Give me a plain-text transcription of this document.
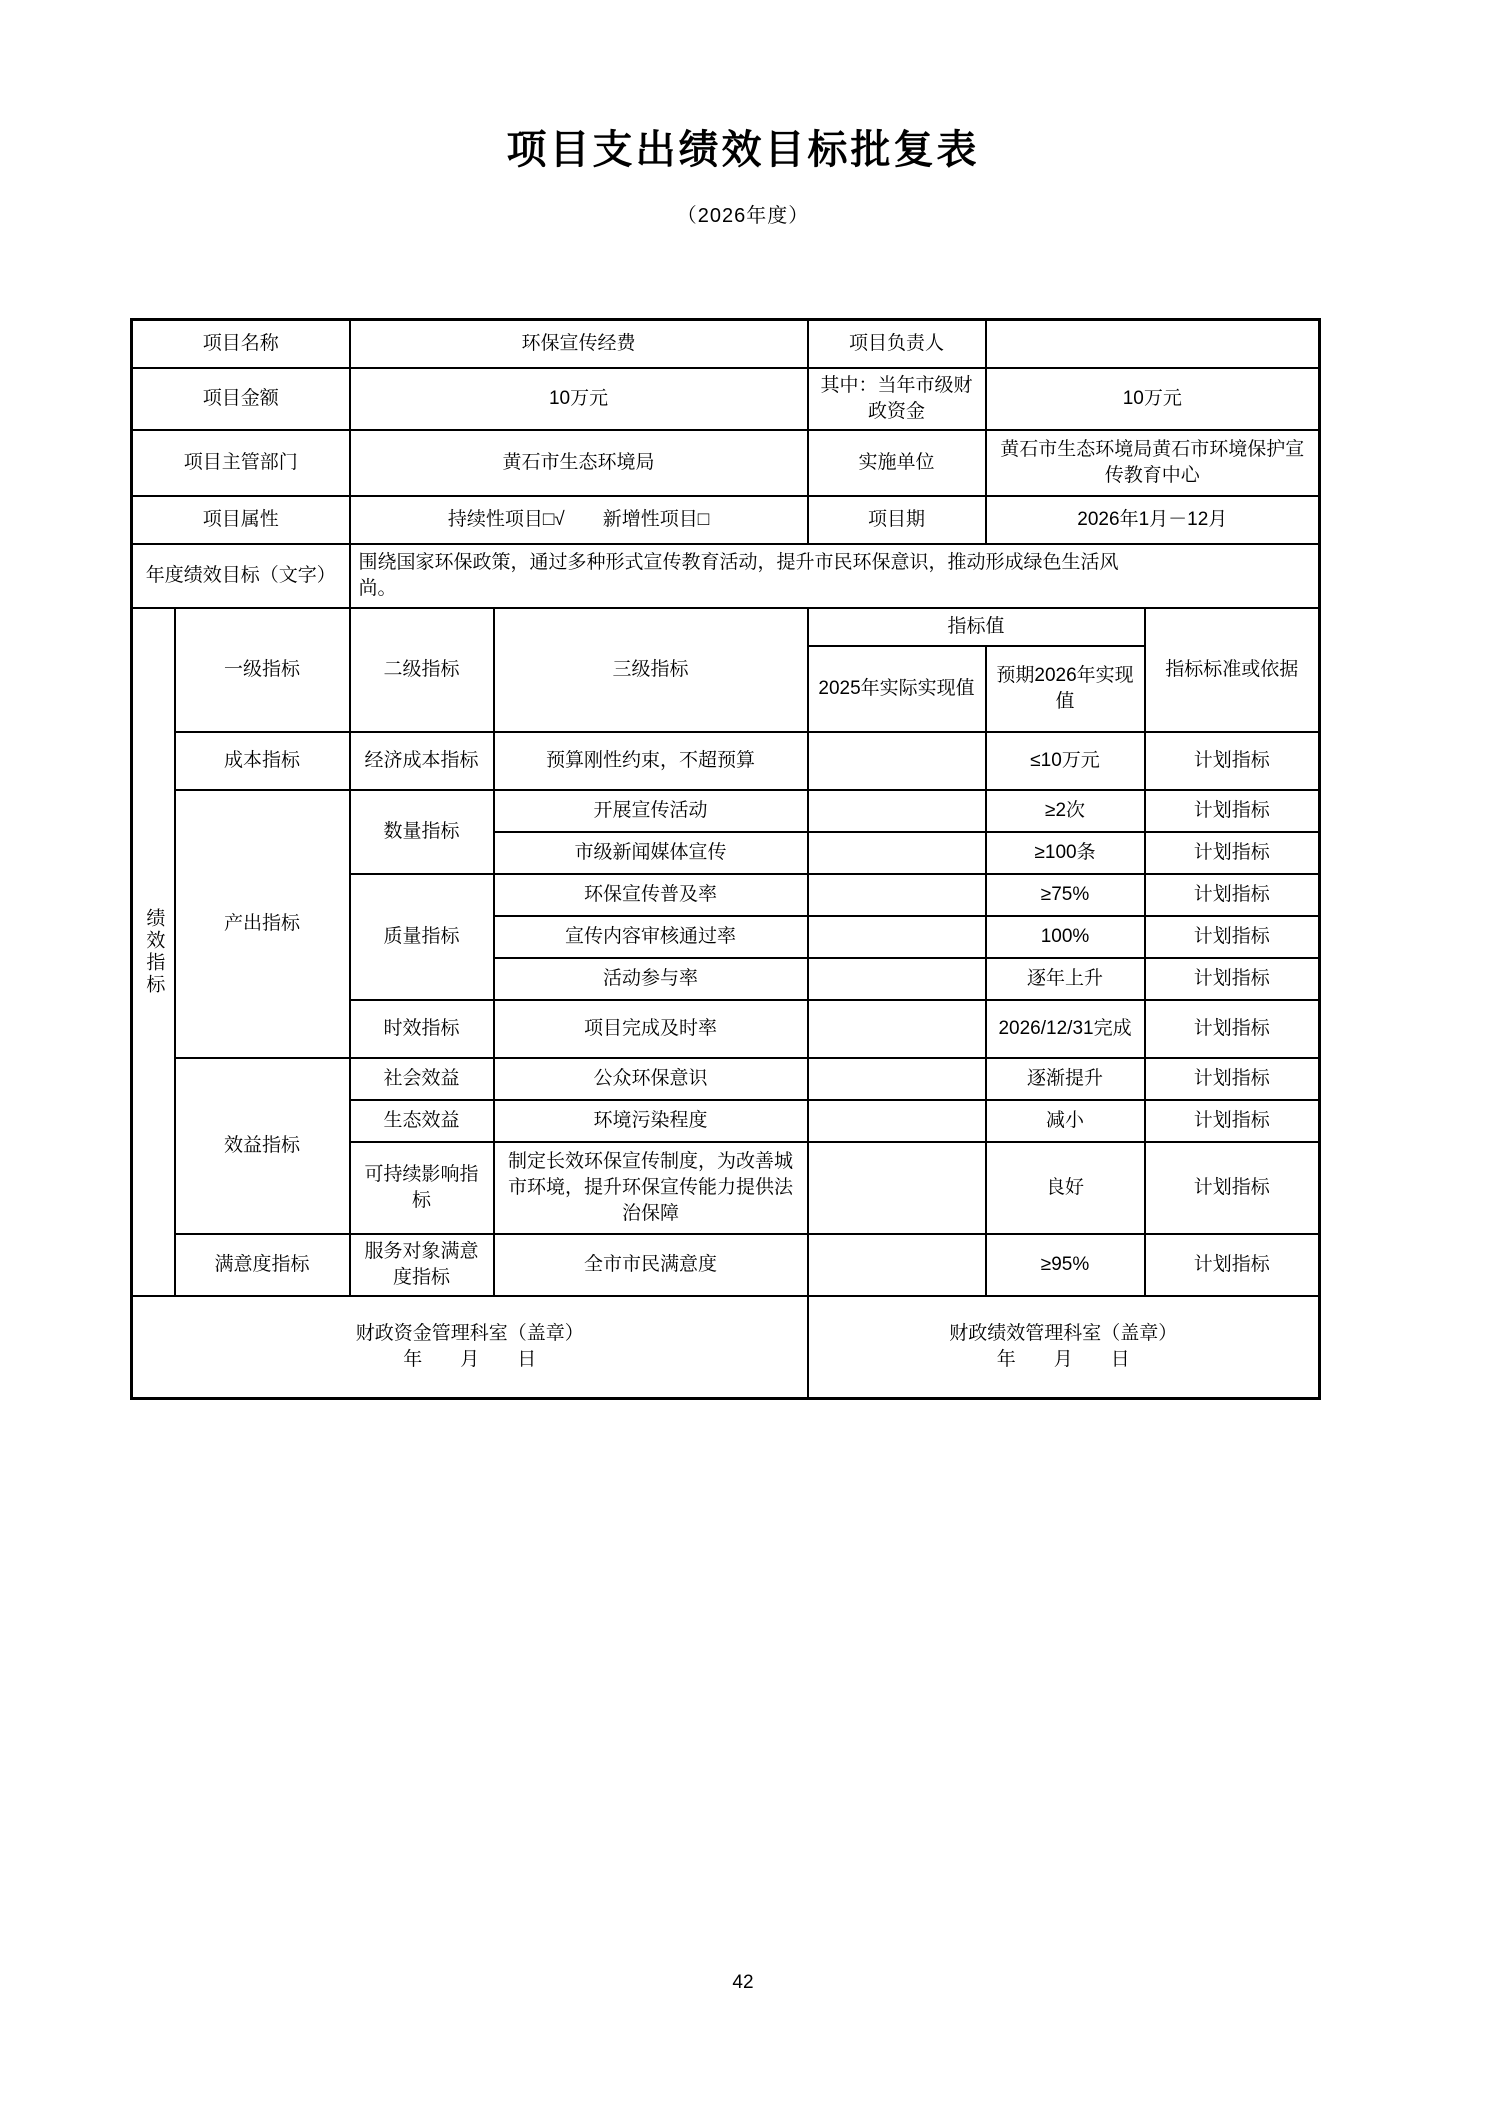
项目支出绩效目标批复表
（2026年度）
项目名称		环保宣传经费		项目负责人		
项目金额		10万元		其中：当年市级财政资金	10万元	
项目主管部门		黄石市生态环境局		实施单位	黄石市生态环境局黄石市环境保护宣传教育中心	
项目属性		持续性项目□√　　新增性项目□		项目期	2026年1月－12月	
年度绩效目标（文字）		围绕国家环保政策，通过多种形式宣传教育活动，提升市民环保意识，推动形成绿色生活风尚。				

绩效指标	一级指标	二级指标	三级指标	指标值		指标标准或依据
				2025年实际实现值	预期2026年实现值	
	成本指标	经济成本指标	预算刚性约束，不超预算		≤10万元	计划指标
	产出指标	数量指标	开展宣传活动		≥2次	计划指标
			市级新闻媒体宣传		≥100条	计划指标
		质量指标	环保宣传普及率		≥75%	计划指标
			宣传内容审核通过率		100%	计划指标
			活动参与率		逐年上升	计划指标
		时效指标	项目完成及时率		2026/12/31完成	计划指标
	效益指标	社会效益	公众环保意识		逐渐提升	计划指标
		生态效益	环境污染程度		减小	计划指标
		可持续影响指标	制定长效环保宣传制度，为改善城市环境，提升环保宣传能力提供法治保障		良好	计划指标
	满意度指标	服务对象满意度指标	全市市民满意度		≥95%	计划指标

财政资金管理科室（盖章）
年　　月　　日

财政绩效管理科室（盖章）
年　　月　　日
42
